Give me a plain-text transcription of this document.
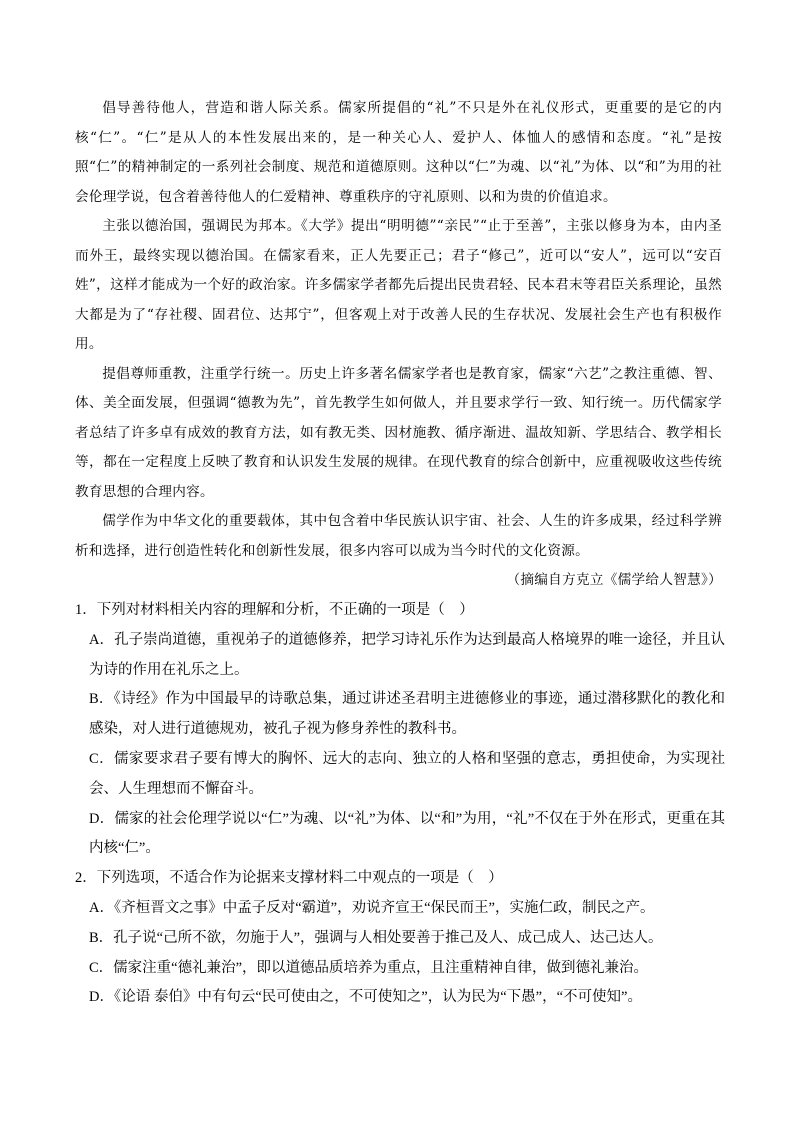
倡导善待他人，营造和谐人际关系。儒家所提倡的“礼”不只是外在礼仪形式，更重要的是它的内核“仁”。“仁”是从人的本性发展出来的，是一种关心人、爱护人、体恤人的感情和态度。“礼”是按照“仁”的精神制定的一系列社会制度、规范和道德原则。这种以“仁”为魂、以“礼”为体、以“和”为用的社会伦理学说，包含着善待他人的仁爱精神、尊重秩序的守礼原则、以和为贵的价值追求。

主张以德治国，强调民为邦本。《大学》提出“明明德”“亲民”“止于至善”，主张以修身为本，由内圣而外王，最终实现以德治国。在儒家看来，正人先要正己；君子“修己”，近可以“安人”，远可以“安百姓”，这样才能成为一个好的政治家。许多儒家学者都先后提出民贵君轻、民本君末等君臣关系理论，虽然大都是为了“存社稷、固君位、达邦宁”，但客观上对于改善人民的生存状况、发展社会生产也有积极作用。

提倡尊师重教，注重学行统一。历史上许多著名儒家学者也是教育家，儒家“六艺”之教注重德、智、体、美全面发展，但强调“德教为先”，首先教学生如何做人，并且要求学行一致、知行统一。历代儒家学者总结了许多卓有成效的教育方法，如有教无类、因材施教、循序渐进、温故知新、学思结合、教学相长等，都在一定程度上反映了教育和认识发生发展的规律。在现代教育的综合创新中，应重视吸收这些传统教育思想的合理内容。

儒学作为中华文化的重要载体，其中包含着中华民族认识宇宙、社会、人生的许多成果，经过科学辨析和选择，进行创造性转化和创新性发展，很多内容可以成为当今时代的文化资源。

（摘编自方克立《儒学给人智慧》）

1．下列对材料相关内容的理解和分析，不正确的一项是（　）

A．孔子崇尚道德，重视弟子的道德修养，把学习诗礼乐作为达到最高人格境界的唯一途径，并且认为诗的作用在礼乐之上。

B．《诗经》作为中国最早的诗歌总集，通过讲述圣君明主进德修业的事迹，通过潜移默化的教化和感染，对人进行道德规劝，被孔子视为修身养性的教科书。

C．儒家要求君子要有博大的胸怀、远大的志向、独立的人格和坚强的意志，勇担使命，为实现社会、人生理想而不懈奋斗。

D．儒家的社会伦理学说以“仁”为魂、以“礼”为体、以“和”为用，“礼”不仅在于外在形式，更重在其内核“仁”。

2．下列选项，不适合作为论据来支撑材料二中观点的一项是（　）

A．《齐桓晋文之事》中孟子反对“霸道”，劝说齐宣王“保民而王”，实施仁政，制民之产。

B．孔子说“己所不欲，勿施于人”，强调与人相处要善于推己及人、成己成人、达己达人。

C．儒家注重“德礼兼治”，即以道德品质培养为重点，且注重精神自律，做到德礼兼治。

D．《论语 泰伯》中有句云“民可使由之，不可使知之”，认为民为“下愚”，“不可使知”。
